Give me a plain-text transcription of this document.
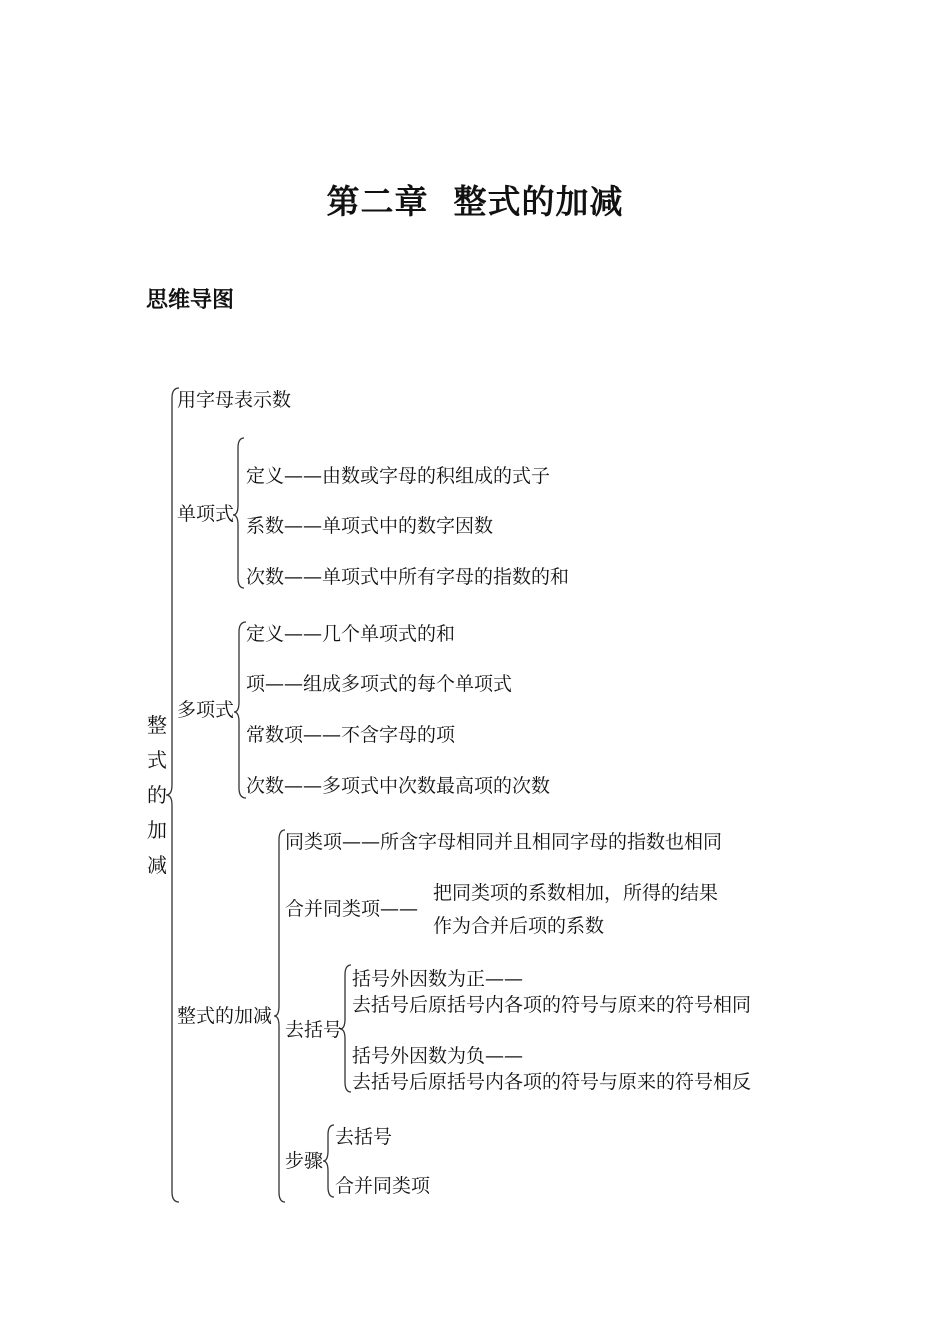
第二章  整式的加减
思维导图
整式的加减
用字母表示数
单项式
定义——由数或字母的积组成的式子
系数——单项式中的数字因数
次数——单项式中所有字母的指数的和
多项式
定义——几个单项式的和
项——组成多项式的每个单项式
常数项——不含字母的项
次数——多项式中次数最高项的次数
整式的加减
同类项——所含字母相同并且相同字母的指数也相同
合并同类项——
把同类项的系数相加，所得的结果
作为合并后项的系数
去括号
括号外因数为正——
去括号后原括号内各项的符号与原来的符号相同
括号外因数为负——
去括号后原括号内各项的符号与原来的符号相反
步骤
去括号
合并同类项
